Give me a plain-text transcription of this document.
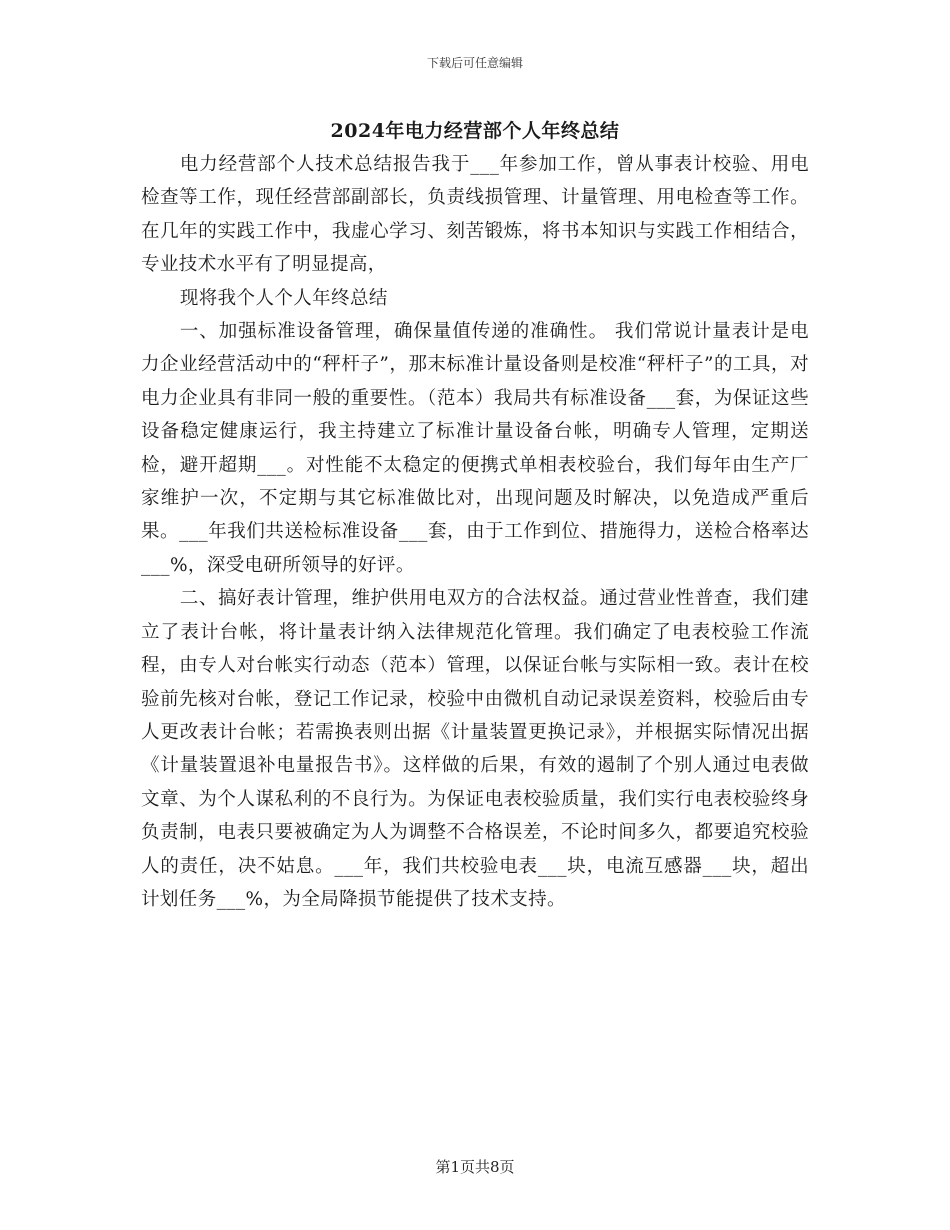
下载后可任意编辑
2024年电力经营部个人年终总结

电力经营部个人技术总结报告我于___年参加工作，曾从事表计校验、用电检查等工作，现任经营部副部长，负责线损管理、计量管理、用电检查等工作。在几年的实践工作中，我虚心学习、刻苦锻炼，将书本知识与实践工作相结合，专业技术水平有了明显提高，

现将我个人个人年终总结

一、加强标准设备管理，确保量值传递的准确性。 我们常说计量表计是电力企业经营活动中的“秤杆子”，那末标准计量设备则是校准“秤杆子”的工具，对电力企业具有非同一般的重要性。（范本）我局共有标准设备___套，为保证这些设备稳定健康运行，我主持建立了标准计量设备台帐，明确专人管理，定期送检，避开超期___。对性能不太稳定的便携式单相表校验台，我们每年由生产厂家维护一次，不定期与其它标准做比对，出现问题及时解决，以免造成严重后果。___年我们共送检标准设备___套，由于工作到位、措施得力，送检合格率达___%，深受电研所领导的好评。

二、搞好表计管理，维护供用电双方的合法权益。通过营业性普查，我们建立了表计台帐，将计量表计纳入法律规范化管理。我们确定了电表校验工作流程，由专人对台帐实行动态（范本）管理，以保证台帐与实际相一致。表计在校验前先核对台帐，登记工作记录，校验中由微机自动记录误差资料，校验后由专人更改表计台帐；若需换表则出据《计量装置更换记录》，并根据实际情况出据《计量装置退补电量报告书》。这样做的后果，有效的遏制了个别人通过电表做文章、为个人谋私利的不良行为。为保证电表校验质量，我们实行电表校验终身负责制，电表只要被确定为人为调整不合格误差，不论时间多久，都要追究校验人的责任，决不姑息。___年，我们共校验电表___块，电流互感器___块，超出计划任务___%，为全局降损节能提供了技术支持。

第1页共8页
